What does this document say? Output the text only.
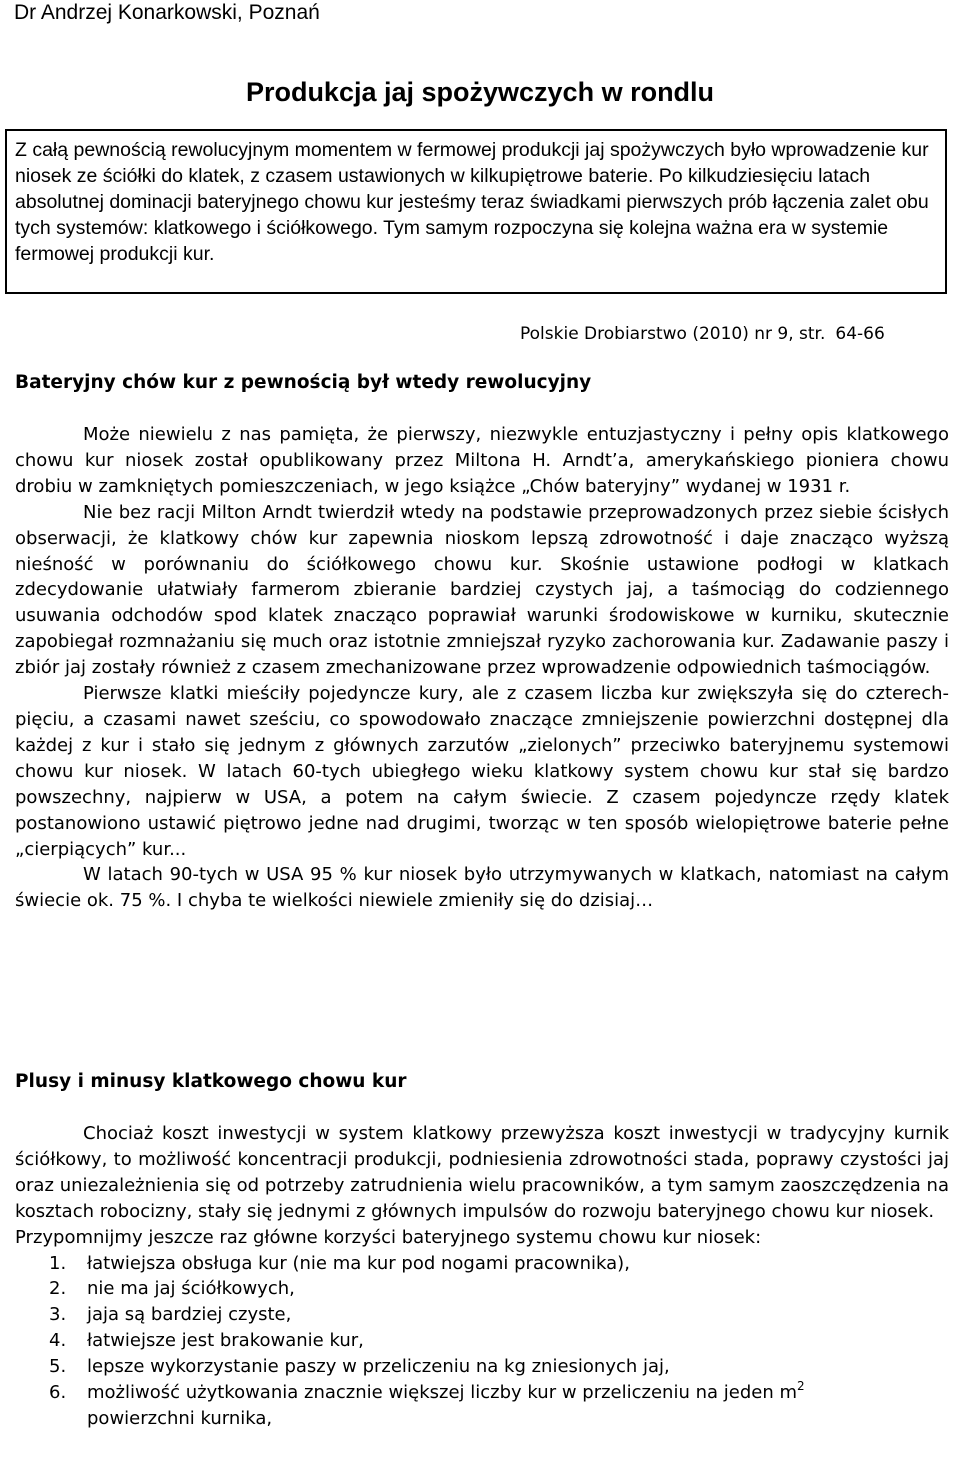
Dr Andrzej Konarkowski, Poznań
Produkcja jaj spożywczych w rondlu

Z całą pewnością rewolucyjnym momentem w fermowej produkcji jaj spożywczych było wprowadzenie kur niosek ze ściółki do klatek, z czasem ustawionych w kilkupiętrowe baterie. Po kilkudziesięciu latach absolutnej dominacji bateryjnego chowu kur jesteśmy teraz świadkami pierwszych prób łączenia zalet obu tych systemów: klatkowego i ściółkowego. Tym samym rozpoczyna się kolejna ważna era w systemie fermowej produkcji kur.

Polskie Drobiarstwo (2010) nr 9, str. 64-66
Bateryjny chów kur z pewnością był wtedy rewolucyjny

Może niewielu z nas pamięta, że pierwszy, niezwykle entuzjastyczny i pełny opis klatkowego chowu kur niosek został opublikowany przez Miltona H. Arndt’a, amerykańskiego pioniera chowu drobiu w zamkniętych pomieszczeniach, w jego książce „Chów bateryjny” wydanej w 1931 r.

Nie bez racji Milton Arndt twierdził wtedy na podstawie przeprowadzonych przez siebie ścisłych obserwacji, że klatkowy chów kur zapewnia nioskom lepszą zdrowotność i daje znacząco wyższą nieśność w porównaniu do ściółkowego chowu kur. Skośnie ustawione podłogi w klatkach zdecydowanie ułatwiały farmerom zbieranie bardziej czystych jaj, a taśmociąg do codziennego usuwania odchodów spod klatek znacząco poprawiał warunki środowiskowe w kurniku, skutecznie zapobiegał rozmnażaniu się much oraz istotnie zmniejszał ryzyko zachorowania kur. Zadawanie paszy i zbiór jaj zostały również z czasem zmechanizowane przez wprowadzenie odpowiednich taśmociągów.

Pierwsze klatki mieściły pojedyncze kury, ale z czasem liczba kur zwiększyła się do czterech-pięciu, a czasami nawet sześciu, co spowodowało znaczące zmniejszenie powierzchni dostępnej dla każdej z kur i stało się jednym z głównych zarzutów „zielonych” przeciwko bateryjnemu systemowi chowu kur niosek. W latach 60-tych ubiegłego wieku klatkowy system chowu kur stał się bardzo powszechny, najpierw w USA, a potem na całym świecie. Z czasem pojedyncze rzędy klatek postanowiono ustawić piętrowo jedne nad drugimi, tworząc w ten sposób wielopiętrowe baterie pełne „cierpiących” kur...

W latach 90-tych w USA 95 % kur niosek było utrzymywanych w klatkach, natomiast na całym świecie ok. 75 %. I chyba te wielkości niewiele zmieniły się do dzisiaj…

Plusy i minusy klatkowego chowu kur

Chociaż koszt inwestycji w system klatkowy przewyższa koszt inwestycji w tradycyjny kurnik ściółkowy, to możliwość koncentracji produkcji, podniesienia zdrowotności stada, poprawy czystości jaj oraz uniezależnienia się od potrzeby zatrudnienia wielu pracowników, a tym samym zaoszczędzenia na kosztach robocizny, stały się jednymi z głównych impulsów do rozwoju bateryjnego chowu kur niosek.

Przypomnijmy jeszcze raz główne korzyści bateryjnego systemu chowu kur niosek:
1. łatwiejsza obsługa kur (nie ma kur pod nogami pracownika),
2. nie ma jaj ściółkowych,
3. jaja są bardziej czyste,
4. łatwiejsze jest brakowanie kur,
5. lepsze wykorzystanie paszy w przeliczeniu na kg zniesionych jaj,
6. możliwość użytkowania znacznie większej liczby kur w przeliczeniu na jeden $m^2$
powierzchni kurnika,
